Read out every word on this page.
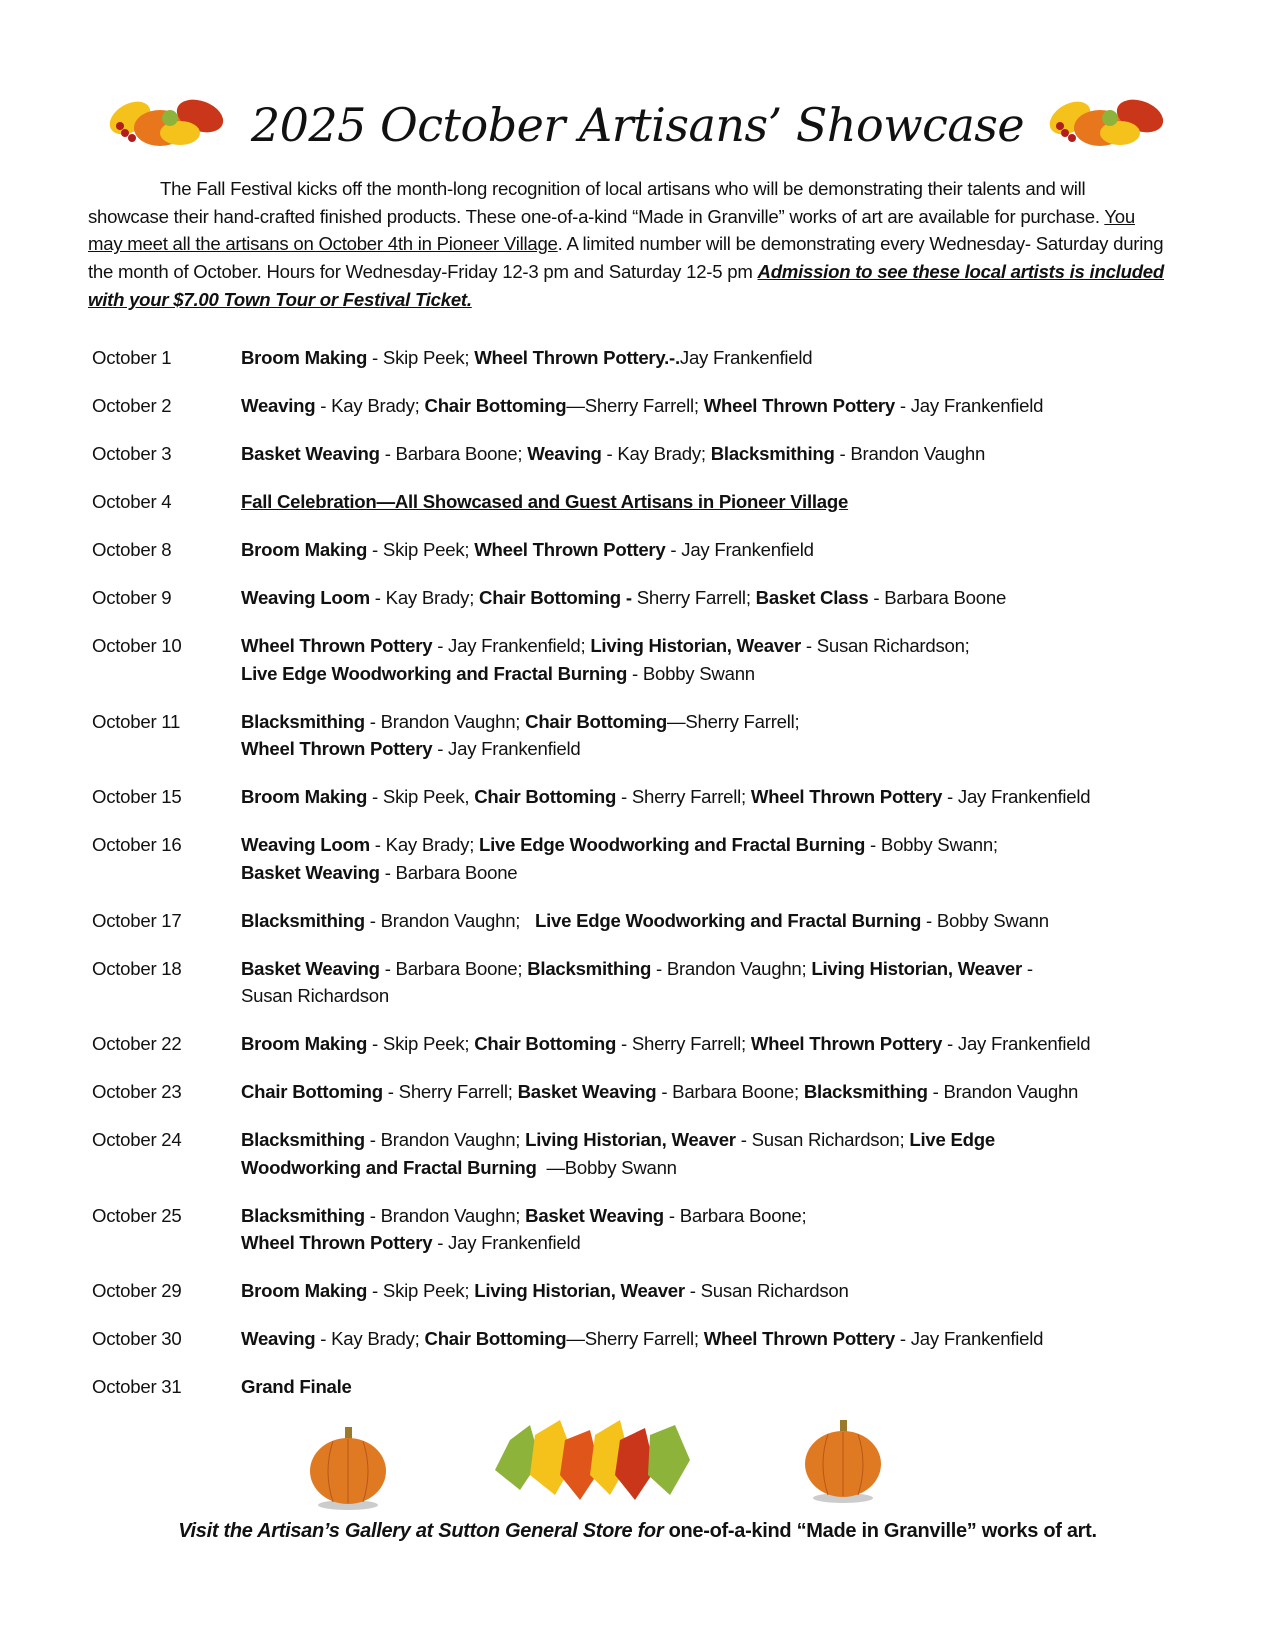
2025 October Artisans’ Showcase
The Fall Festival kicks off the month-long recognition of local artisans who will be demonstrating their talents and will showcase their hand-crafted finished products. These one-of-a-kind “Made in Granville” works of art are available for purchase. You may meet all the artisans on October 4th in Pioneer Village. A limited number will be demonstrating every Wednesday- Saturday during the month of October. Hours for Wednesday-Friday 12-3 pm and Saturday 12-5 pm Admission to see these local artists is included with your $7.00 Town Tour or Festival Ticket.
October 1	Broom Making - Skip Peek; Wheel Thrown Pottery.-.Jay Frankenfield
October 2	Weaving - Kay Brady; Chair Bottoming—Sherry Farrell; Wheel Thrown Pottery - Jay Frankenfield
October 3	Basket Weaving - Barbara Boone; Weaving - Kay Brady; Blacksmithing - Brandon Vaughn
October 4	Fall Celebration—All Showcased and Guest Artisans in Pioneer Village
October 8	Broom Making - Skip Peek; Wheel Thrown Pottery - Jay Frankenfield
October 9	Weaving Loom - Kay Brady; Chair Bottoming - Sherry Farrell; Basket Class - Barbara Boone
October 10	Wheel Thrown Pottery - Jay Frankenfield; Living Historian, Weaver - Susan Richardson;
Live Edge Woodworking and Fractal Burning - Bobby Swann
October 11	Blacksmithing - Brandon Vaughn; Chair Bottoming—Sherry Farrell;
Wheel Thrown Pottery - Jay Frankenfield
October 15	Broom Making - Skip Peek, Chair Bottoming - Sherry Farrell; Wheel Thrown Pottery - Jay Frankenfield
October 16	Weaving Loom - Kay Brady; Live Edge Woodworking and Fractal Burning - Bobby Swann;
Basket Weaving - Barbara Boone
October 17	Blacksmithing - Brandon Vaughn;   Live Edge Woodworking and Fractal Burning - Bobby Swann
October 18	Basket Weaving - Barbara Boone; Blacksmithing - Brandon Vaughn; Living Historian, Weaver -
Susan Richardson
October 22	Broom Making - Skip Peek; Chair Bottoming - Sherry Farrell; Wheel Thrown Pottery - Jay Frankenfield
October 23	Chair Bottoming - Sherry Farrell; Basket Weaving - Barbara Boone; Blacksmithing - Brandon Vaughn
October 24	Blacksmithing - Brandon Vaughn; Living Historian, Weaver - Susan Richardson; Live Edge
Woodworking and Fractal Burning  —Bobby Swann
October 25	Blacksmithing - Brandon Vaughn; Basket Weaving - Barbara Boone;
Wheel Thrown Pottery - Jay Frankenfield
October 29	Broom Making - Skip Peek; Living Historian, Weaver - Susan Richardson
October 30	Weaving - Kay Brady; Chair Bottoming—Sherry Farrell; Wheel Thrown Pottery - Jay Frankenfield
October 31	Grand Finale
Visit the Artisan’s Gallery at Sutton General Store for one-of-a-kind “Made in Granville” works of art.
